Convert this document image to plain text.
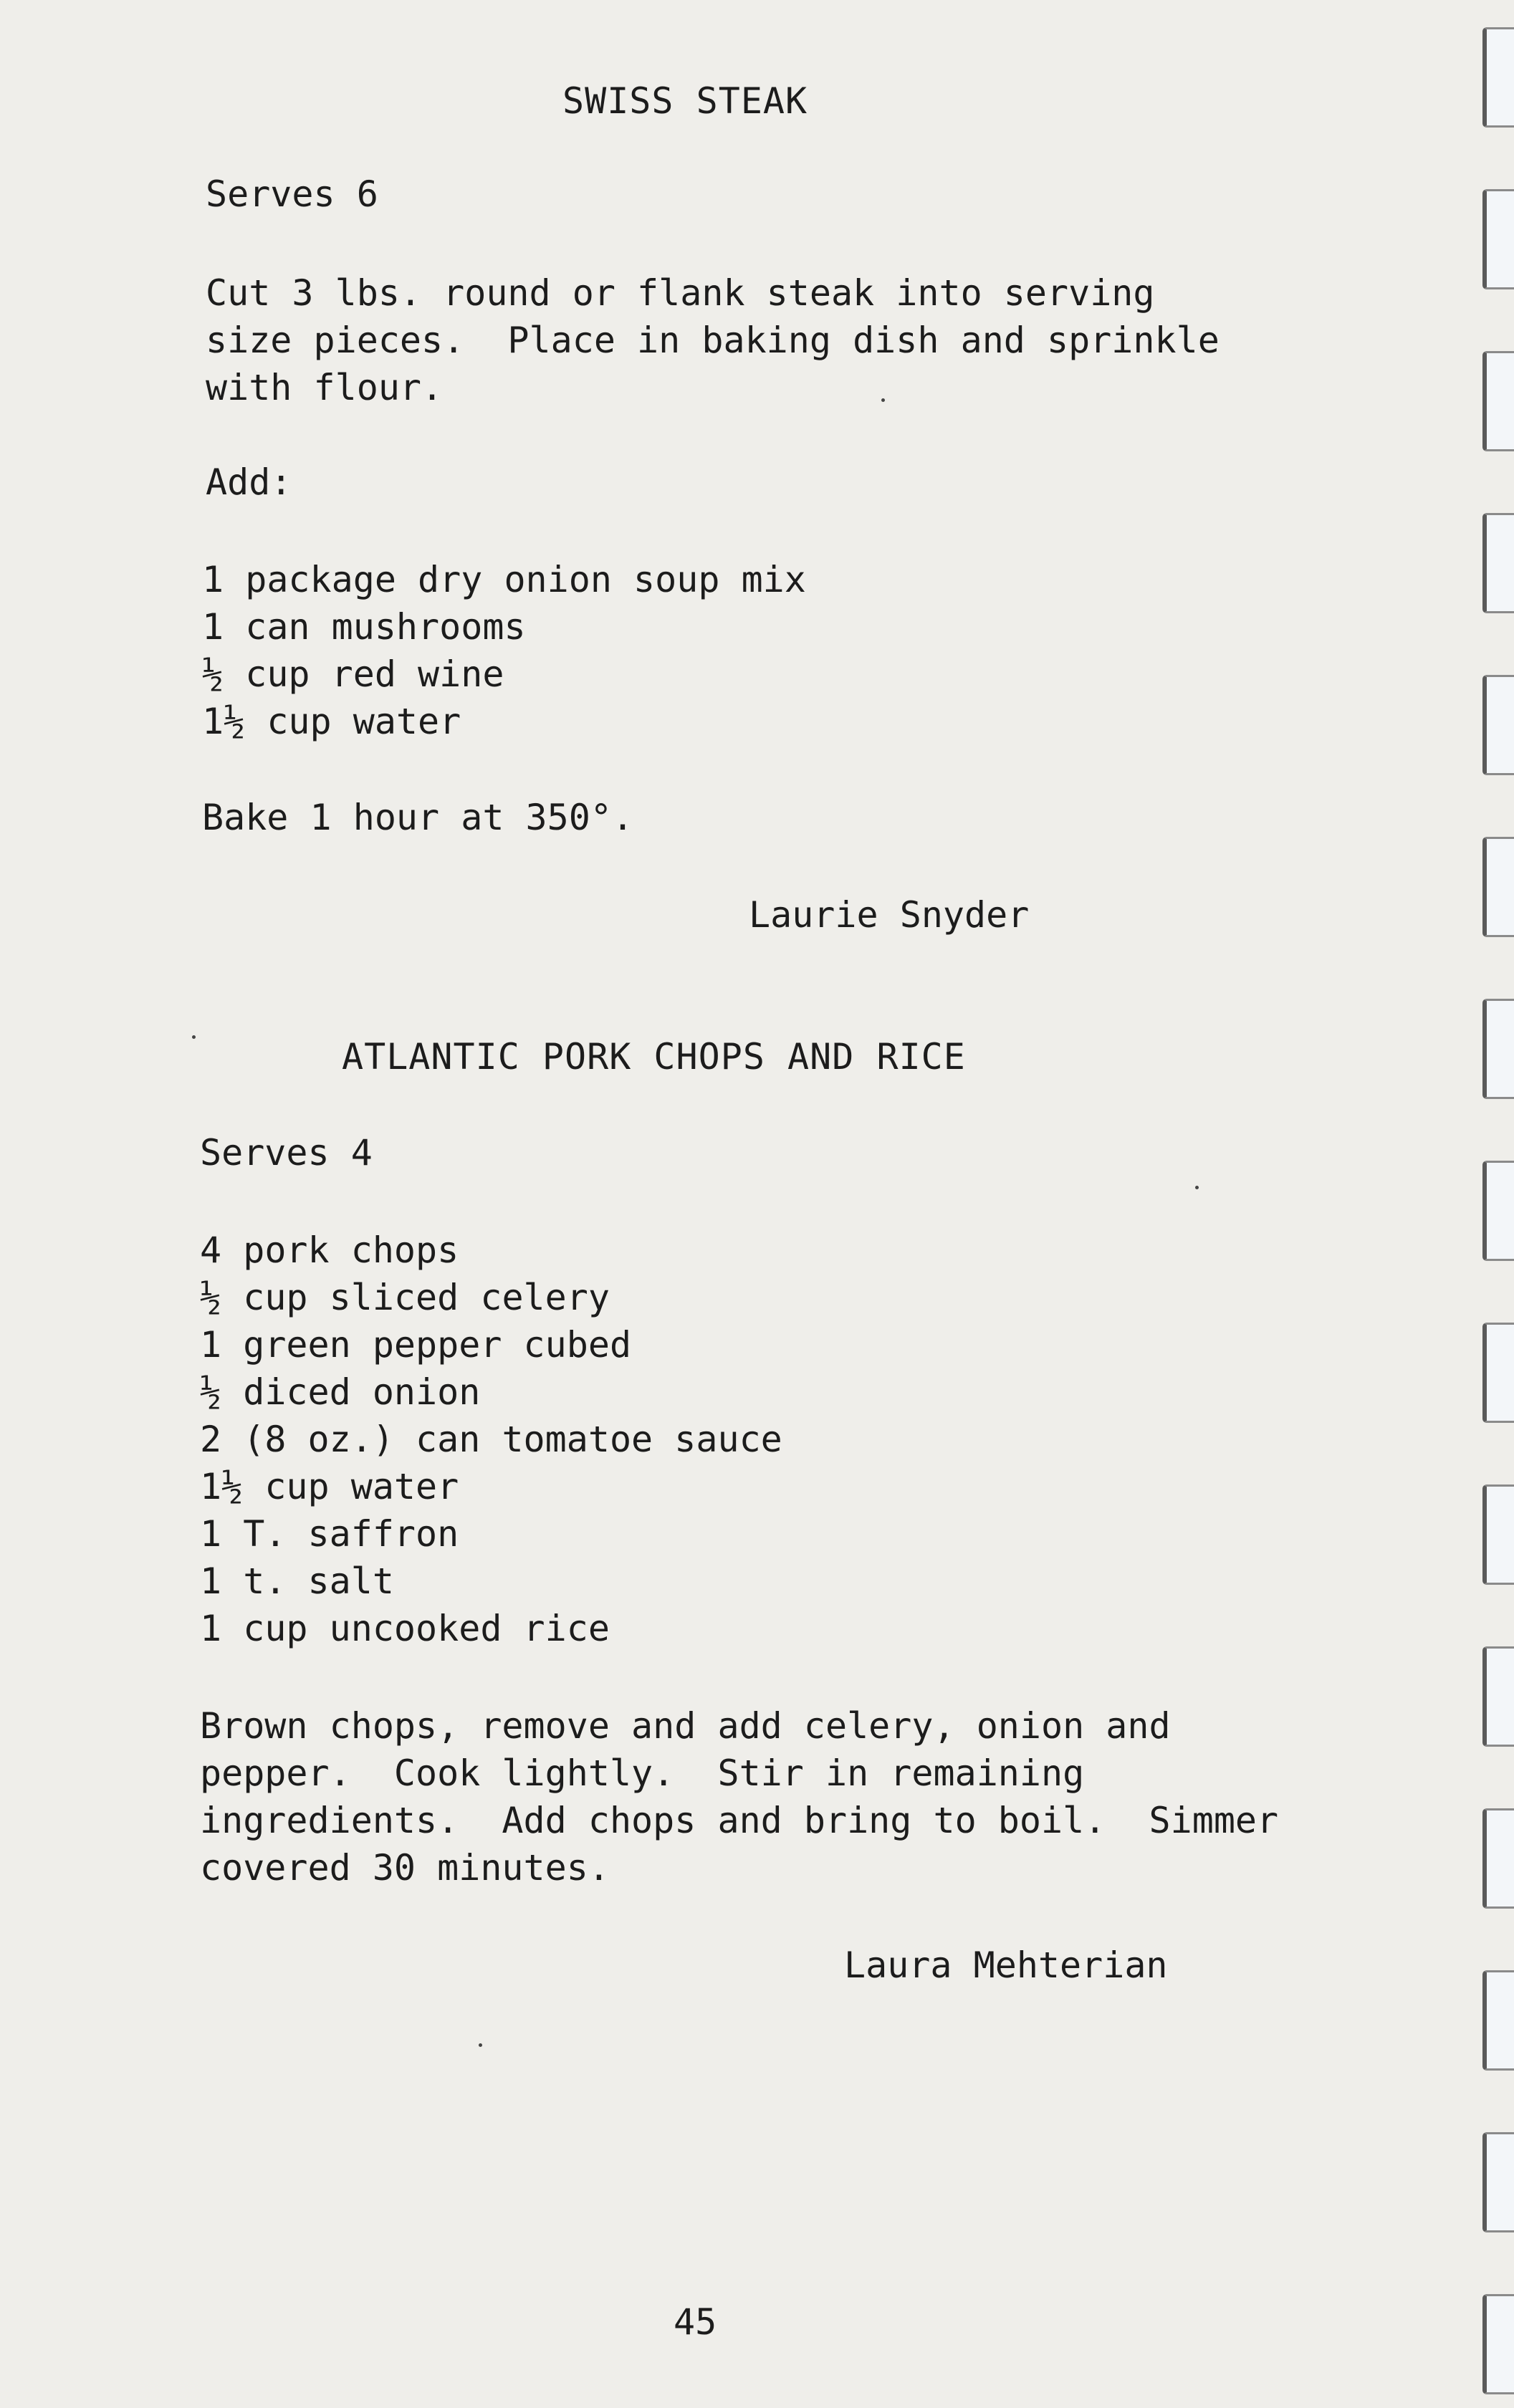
SWISS STEAK
Serves 6
Cut 3 lbs. round or flank steak into serving
size pieces.  Place in baking dish and sprinkle
with flour.
Add:
1 package dry onion soup mix
1 can mushrooms
½ cup red wine
1½ cup water
Bake 1 hour at 350°.
Laurie Snyder
ATLANTIC PORK CHOPS AND RICE
Serves 4
4 pork chops
½ cup sliced celery
1 green pepper cubed
½ diced onion
2 (8 oz.) can tomatoe sauce
1½ cup water
1 T. saffron
1 t. salt
1 cup uncooked rice
Brown chops, remove and add celery, onion and
pepper.  Cook lightly.  Stir in remaining
ingredients.  Add chops and bring to boil.  Simmer
covered 30 minutes.
Laura Mehterian
45
